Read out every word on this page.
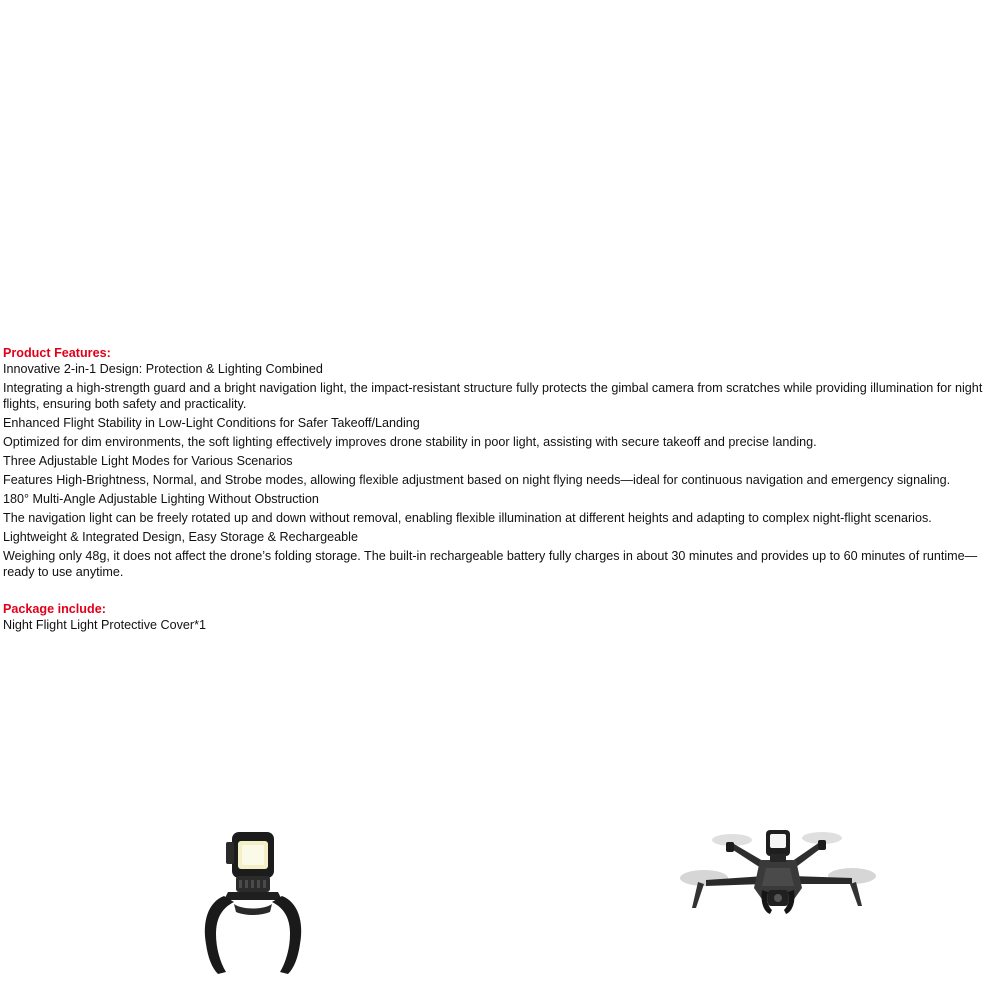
Product Features:

Innovative 2-in-1 Design: Protection & Lighting Combined

Integrating a high-strength guard and a bright navigation light, the impact-resistant structure fully protects the gimbal camera from scratches while providing illumination for night flights, ensuring both safety and practicality.

Enhanced Flight Stability in Low-Light Conditions for Safer Takeoff/Landing

Optimized for dim environments, the soft lighting effectively improves drone stability in poor light, assisting with secure takeoff and precise landing.

Three Adjustable Light Modes for Various Scenarios

Features High-Brightness, Normal, and Strobe modes, allowing flexible adjustment based on night flying needs—ideal for continuous navigation and emergency signaling.

180° Multi-Angle Adjustable Lighting Without Obstruction

The navigation light can be freely rotated up and down without removal, enabling flexible illumination at different heights and adapting to complex night-flight scenarios.

Lightweight & Integrated Design, Easy Storage & Rechargeable

Weighing only 48g, it does not affect the drone’s folding storage. The built-in rechargeable battery fully charges in about 30 minutes and provides up to 60 minutes of runtime—ready to use anytime.

Package include:

Night Flight Light Protective Cover*1
